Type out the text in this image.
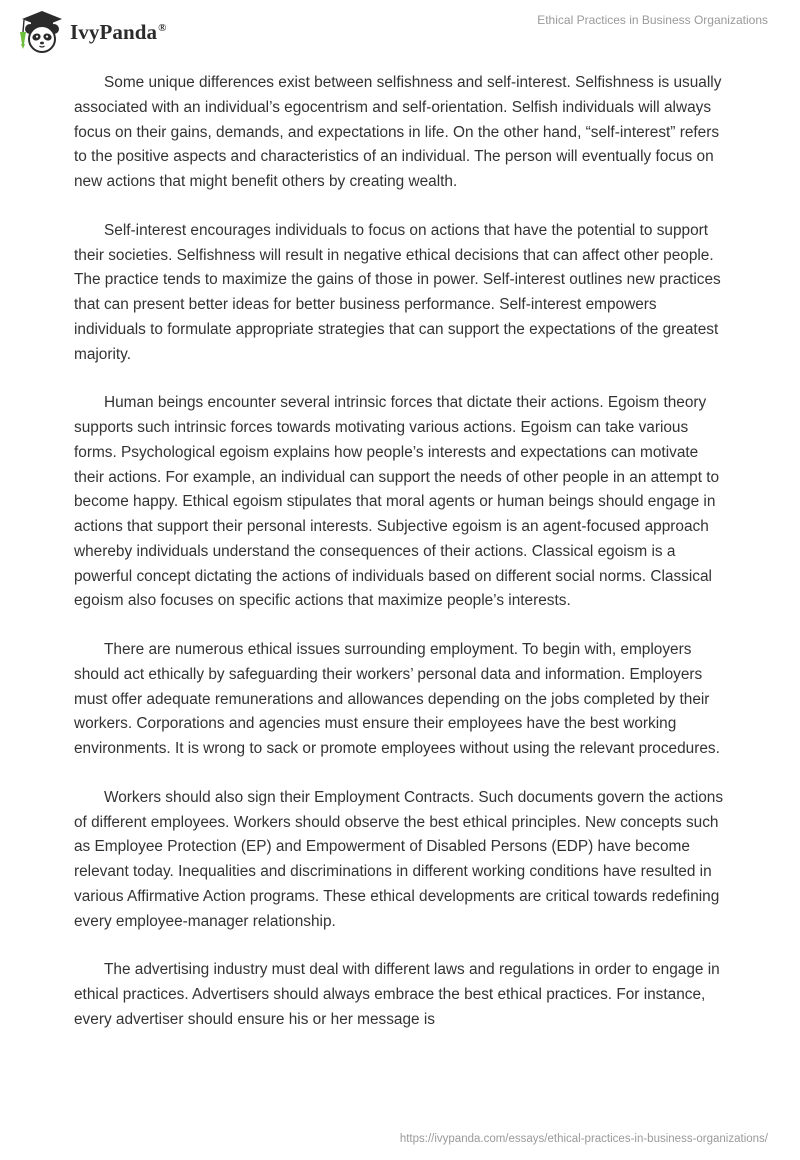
IvyPanda®
Ethical Practices in Business Organizations

Some unique differences exist between selfishness and self-interest. Selfishness is usually associated with an individual’s egocentrism and self-orientation. Selfish individuals will always focus on their gains, demands, and expectations in life. On the other hand, “self-interest” refers to the positive aspects and characteristics of an individual. The person will eventually focus on new actions that might benefit others by creating wealth.

Self-interest encourages individuals to focus on actions that have the potential to support their societies. Selfishness will result in negative ethical decisions that can affect other people. The practice tends to maximize the gains of those in power. Self-interest outlines new practices that can present better ideas for better business performance. Self-interest empowers individuals to formulate appropriate strategies that can support the expectations of the greatest majority.

Human beings encounter several intrinsic forces that dictate their actions. Egoism theory supports such intrinsic forces towards motivating various actions. Egoism can take various forms. Psychological egoism explains how people’s interests and expectations can motivate their actions. For example, an individual can support the needs of other people in an attempt to become happy. Ethical egoism stipulates that moral agents or human beings should engage in actions that support their personal interests. Subjective egoism is an agent-focused approach whereby individuals understand the consequences of their actions. Classical egoism is a powerful concept dictating the actions of individuals based on different social norms. Classical egoism also focuses on specific actions that maximize people’s interests.

There are numerous ethical issues surrounding employment. To begin with, employers should act ethically by safeguarding their workers’ personal data and information. Employers must offer adequate remunerations and allowances depending on the jobs completed by their workers. Corporations and agencies must ensure their employees have the best working environments. It is wrong to sack or promote employees without using the relevant procedures.

Workers should also sign their Employment Contracts. Such documents govern the actions of different employees. Workers should observe the best ethical principles. New concepts such as Employee Protection (EP) and Empowerment of Disabled Persons (EDP) have become relevant today. Inequalities and discriminations in different working conditions have resulted in various Affirmative Action programs. These ethical developments are critical towards redefining every employee-manager relationship.

The advertising industry must deal with different laws and regulations in order to engage in ethical practices. Advertisers should always embrace the best ethical practices. For instance, every advertiser should ensure his or her message is

https://ivypanda.com/essays/ethical-practices-in-business-organizations/
